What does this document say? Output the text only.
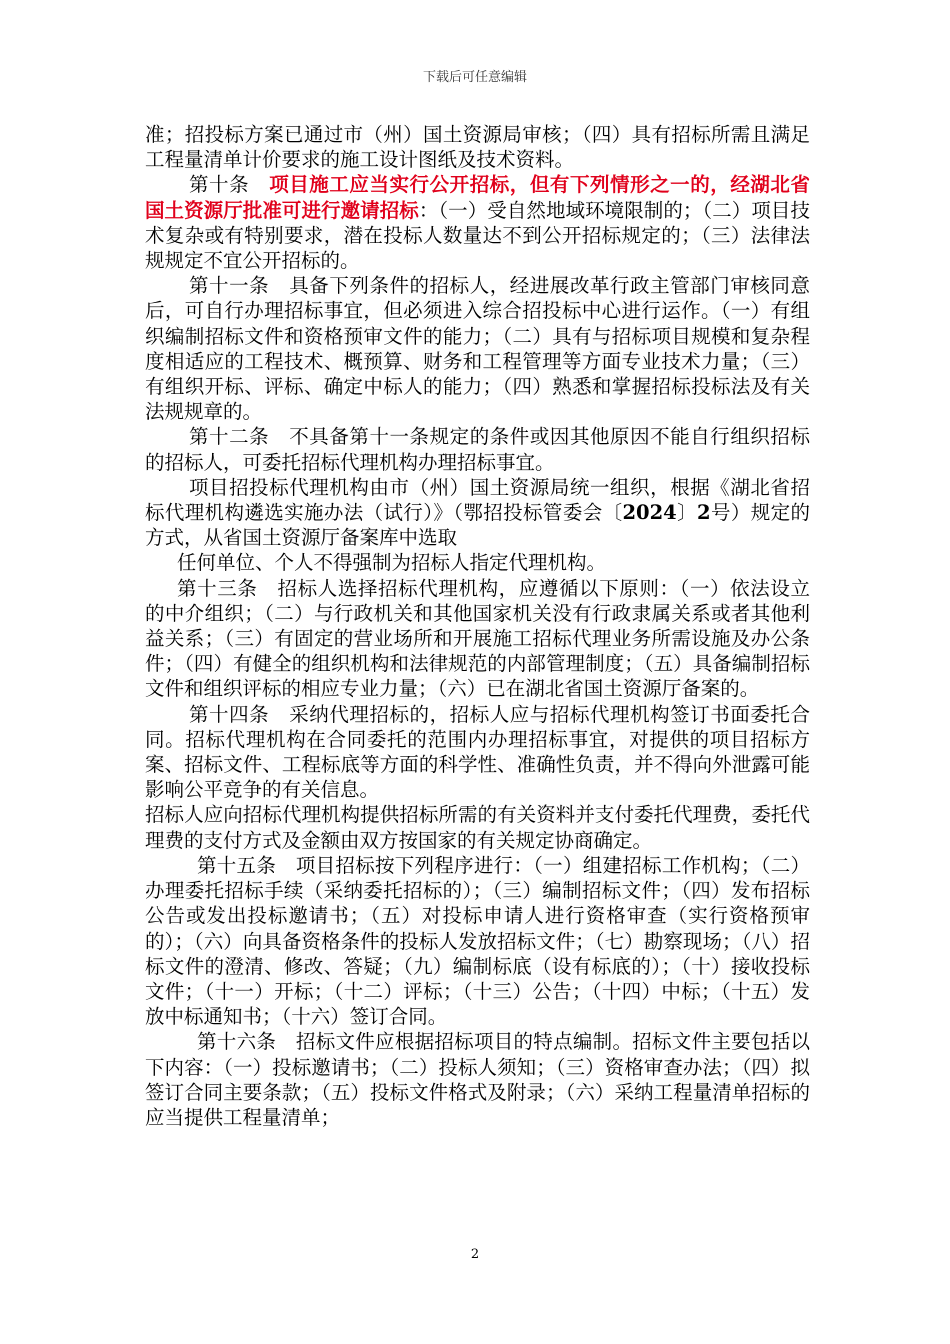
下载后可任意编辑

准；招投标方案已通过市（州）国土资源局审核；（四）具有招标所需且满足工程量清单计价要求的施工设计图纸及技术资料。

第十条　项目施工应当实行公开招标，但有下列情形之一的，经湖北省国土资源厅批准可进行邀请招标：（一）受自然地域环境限制的；（二）项目技术复杂或有特别要求，潜在投标人数量达不到公开招标规定的；（三）法律法规规定不宜公开招标的。

第十一条　具备下列条件的招标人，经进展改革行政主管部门审核同意后，可自行办理招标事宜，但必须进入综合招投标中心进行运作。（一）有组织编制招标文件和资格预审文件的能力；（二）具有与招标项目规模和复杂程度相适应的工程技术、概预算、财务和工程管理等方面专业技术力量；（三）有组织开标、评标、确定中标人的能力；（四）熟悉和掌握招标投标法及有关法规规章的。

第十二条　不具备第十一条规定的条件或因其他原因不能自行组织招标的招标人，可委托招标代理机构办理招标事宜。

项目招投标代理机构由市（州）国土资源局统一组织，根据《湖北省招标代理机构遴选实施办法（试行）》（鄂招投标管委会〔2024〕2号）规定的方式，从省国土资源厅备案库中选取

任何单位、个人不得强制为招标人指定代理机构。

第十三条　招标人选择招标代理机构，应遵循以下原则：（一）依法设立的中介组织；（二）与行政机关和其他国家机关没有行政隶属关系或者其他利益关系；（三）有固定的营业场所和开展施工招标代理业务所需设施及办公条件；（四）有健全的组织机构和法律规范的内部管理制度；（五）具备编制招标文件和组织评标的相应专业力量；（六）已在湖北省国土资源厅备案的。

第十四条　采纳代理招标的，招标人应与招标代理机构签订书面委托合同。招标代理机构在合同委托的范围内办理招标事宜，对提供的项目招标方案、招标文件、工程标底等方面的科学性、准确性负责，并不得向外泄露可能影响公平竞争的有关信息。

招标人应向招标代理机构提供招标所需的有关资料并支付委托代理费，委托代理费的支付方式及金额由双方按国家的有关规定协商确定。

第十五条　项目招标按下列程序进行：（一）组建招标工作机构；（二）办理委托招标手续（采纳委托招标的）；（三）编制招标文件；（四）发布招标公告或发出投标邀请书；（五）对投标申请人进行资格审查（实行资格预审的）；（六）向具备资格条件的投标人发放招标文件；（七）勘察现场；（八）招标文件的澄清、修改、答疑；（九）编制标底（设有标底的）；（十）接收投标文件；（十一）开标；（十二）评标；（十三）公告；（十四）中标；（十五）发放中标通知书；（十六）签订合同。

第十六条　招标文件应根据招标项目的特点编制。招标文件主要包括以下内容：（一）投标邀请书；（二）投标人须知；（三）资格审查办法；（四）拟签订合同主要条款；（五）投标文件格式及附录；（六）采纳工程量清单招标的应当提供工程量清单；

2
